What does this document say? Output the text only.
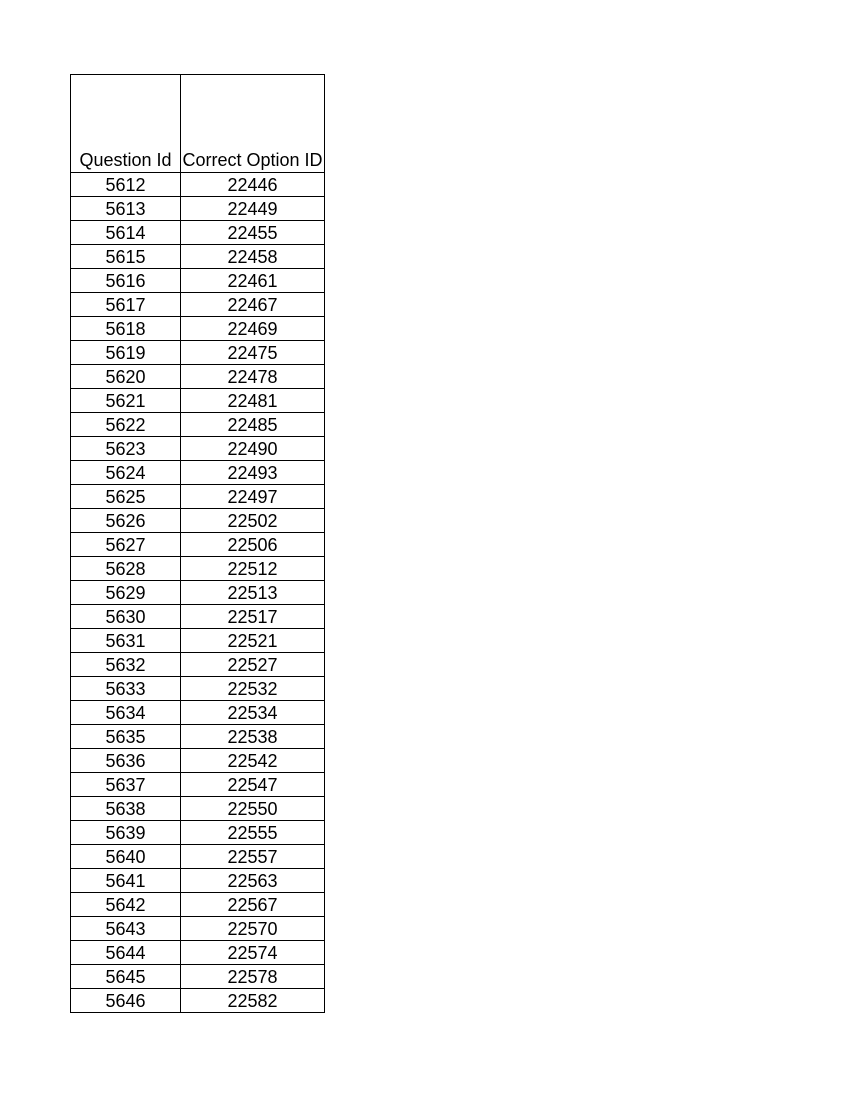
Question Id	Correct Option ID
5612	22446
5613	22449
5614	22455
5615	22458
5616	22461
5617	22467
5618	22469
5619	22475
5620	22478
5621	22481
5622	22485
5623	22490
5624	22493
5625	22497
5626	22502
5627	22506
5628	22512
5629	22513
5630	22517
5631	22521
5632	22527
5633	22532
5634	22534
5635	22538
5636	22542
5637	22547
5638	22550
5639	22555
5640	22557
5641	22563
5642	22567
5643	22570
5644	22574
5645	22578
5646	22582
